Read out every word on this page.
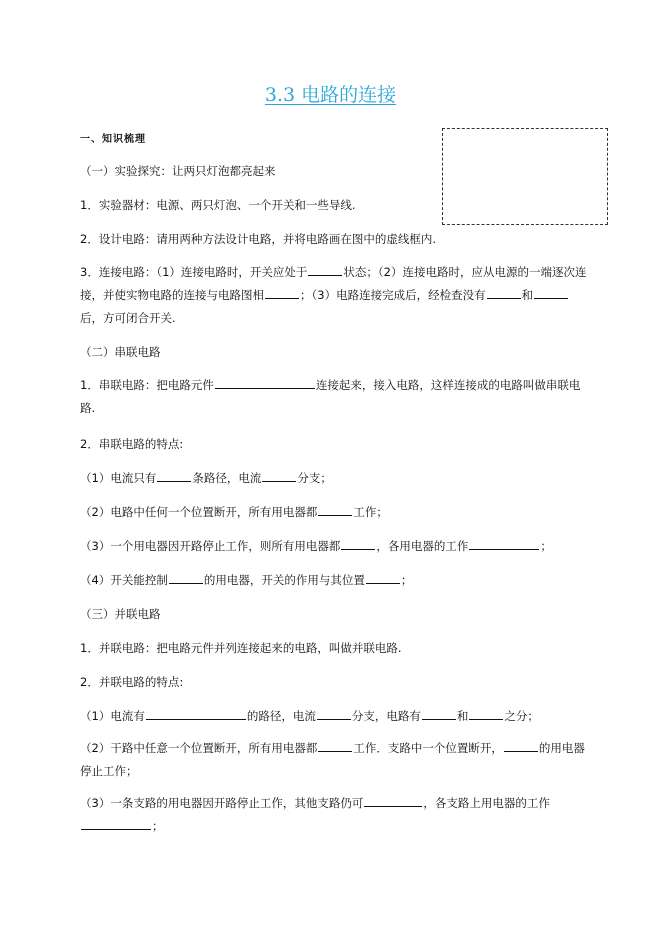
3.3 电路的连接
一、知识梳理
（一）实验探究：让两只灯泡都亮起来
1．实验器材：电源、两只灯泡、一个开关和一些导线.
2．设计电路：请用两种方法设计电路，并将电路画在图中的虚线框内.
3．连接电路：（1）连接电路时，开关应处于	状态；（2）连接电路时，应从电源的一端逐次连接，并使实物电路的连接与电路图相	；（3）电路连接完成后，经检查没有	和后，方可闭合开关.
（二）串联电路
1．串联电路：把电路元件	连接起来，接入电路，这样连接成的电路叫做串联电路.
2．串联电路的特点:
（1）电流只有	条路径，电流	分支；
（2）电路中任何一个位置断开，所有用电器都	工作；
（3）一个用电器因开路停止工作，则所有用电器都	，各用电器的工作	；
（4）开关能控制	的用电器，开关的作用与其位置	；
（三）并联电路
1．并联电路：把电路元件并列连接起来的电路，叫做并联电路.
2．并联电路的特点:
（1）电流有	的路径，电流	分支，电路有	和	之分；
（2）干路中任意一个位置断开，所有用电器都	工作．支路中一个位置断开，	的用电器停止工作；
（3）一条支路的用电器因开路停止工作，其他支路仍可	，各支路上用电器的工作；
